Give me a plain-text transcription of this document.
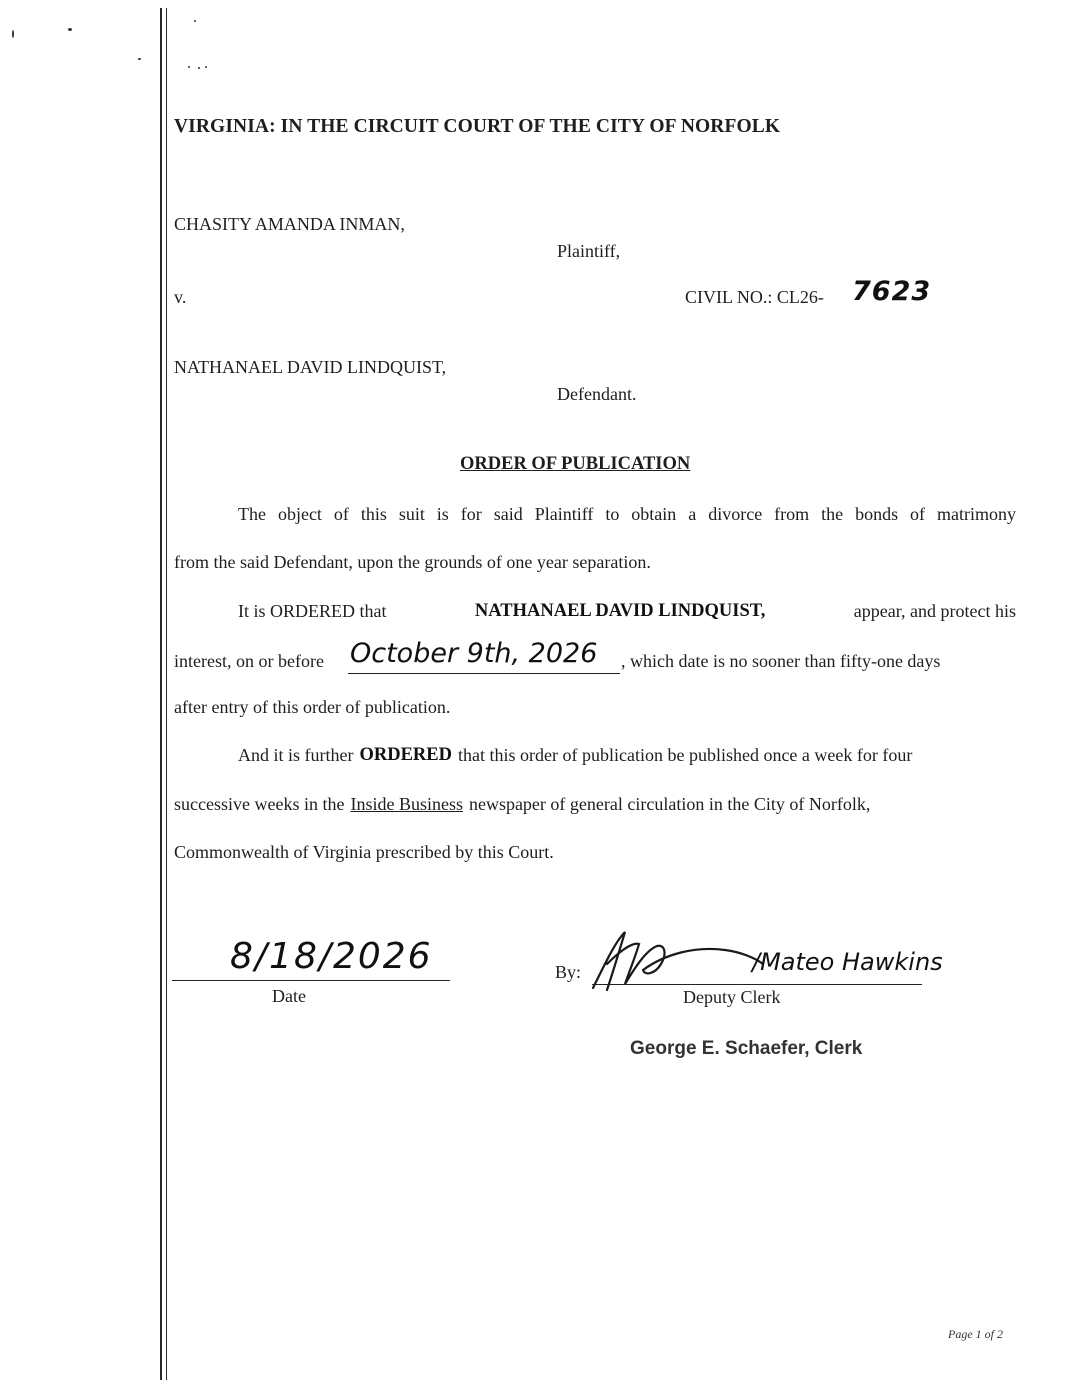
VIRGINIA: IN THE CIRCUIT COURT OF THE CITY OF NORFOLK
CHASITY AMANDA INMAN,
Plaintiff,
v.	CIVIL NO.: CL26- 7623
NATHANAEL DAVID LINDQUIST,
Defendant.
ORDER OF PUBLICATION
The object of this suit is for said Plaintiff to obtain a divorce from the bonds of matrimony
from the said Defendant, upon the grounds of one year separation.
It is ORDERED that	NATHANAEL DAVID LINDQUIST,	appear, and protect his
interest, on or before October 9th, 2026 , which date is no sooner than fifty-one days
after entry of this order of publication.
And it is further ORDERED that this order of publication be published once a week for four
successive weeks in the Inside Business newspaper of general circulation in the City of Norfolk,
Commonwealth of Virginia prescribed by this Court.
8/18/2026
Date
By:	/Mateo Hawkins
Deputy Clerk
George E. Schaefer, Clerk
Page 1 of 2
